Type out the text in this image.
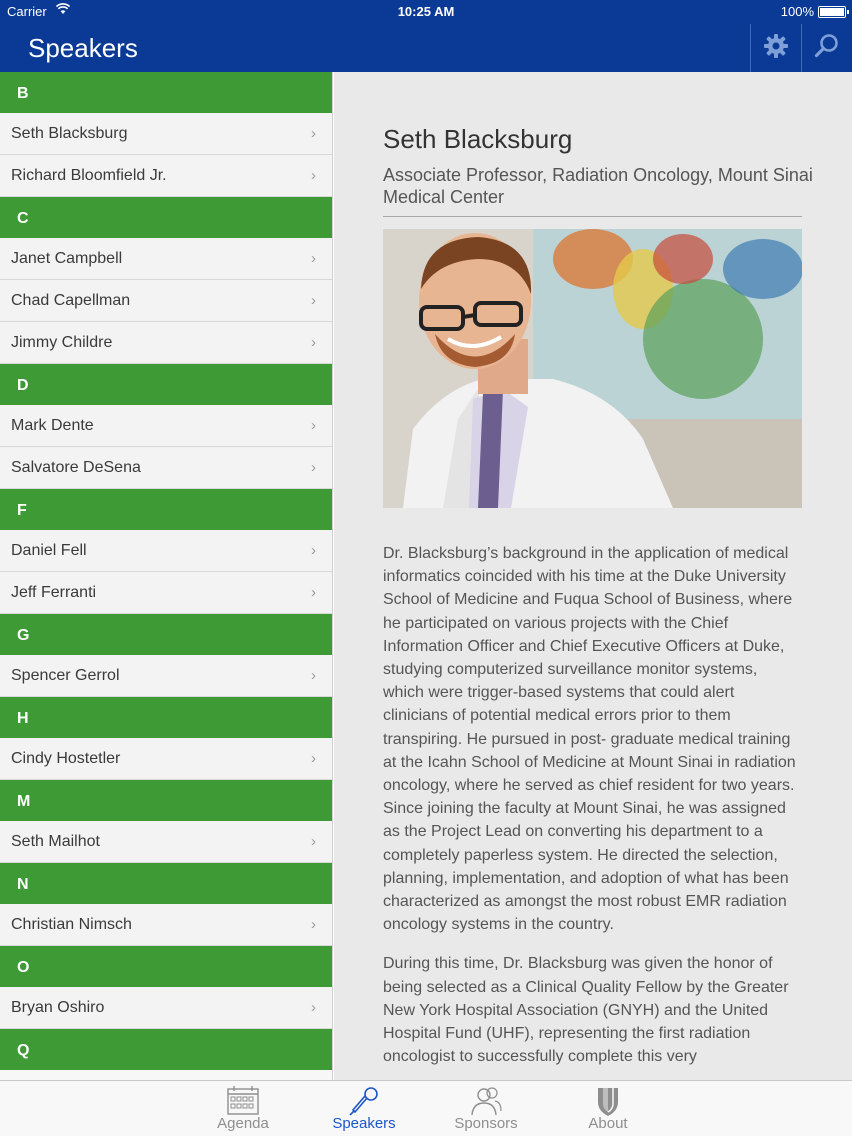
Carrier	10:25 AM	100%
Speakers
B
Seth Blacksburg	›
Richard Bloomfield Jr.	›
C
Janet Campbell	›
Chad Capellman	›
Jimmy Childre	›
D
Mark Dente	›
Salvatore DeSena	›
F
Daniel Fell	›
Jeff Ferranti	›
G
Spencer Gerrol	›
H
Cindy Hostetler	›
M
Seth Mailhot	›
N
Christian Nimsch	›
O
Bryan Oshiro	›
Q
Seth Blacksburg
Associate Professor, Radiation Oncology, Mount Sinai Medical Center

Dr. Blacksburg’s background in the application of medical informatics coincided with his time at the Duke University School of Medicine and Fuqua School of Business, where he participated on various projects with the Chief Information Officer and Chief Executive Officers at Duke, studying computerized surveillance monitor systems, which were trigger-based systems that could alert clinicians of potential medical errors prior to them transpiring. He pursued in post- graduate medical training at the Icahn School of Medicine at Mount Sinai in radiation oncology, where he served as chief resident for two years. Since joining the faculty at Mount Sinai, he was assigned as the Project Lead on converting his department to a completely paperless system. He directed the selection, planning, implementation, and adoption of what has been characterized as amongst the most robust EMR radiation oncology systems in the country.

During this time, Dr. Blacksburg was given the honor of being selected as a Clinical Quality Fellow by the Greater New York Hospital Association (GNYH) and the United Hospital Fund (UHF), representing the first radiation oncologist to successfully complete this very

Agenda	Speakers	Sponsors	About
